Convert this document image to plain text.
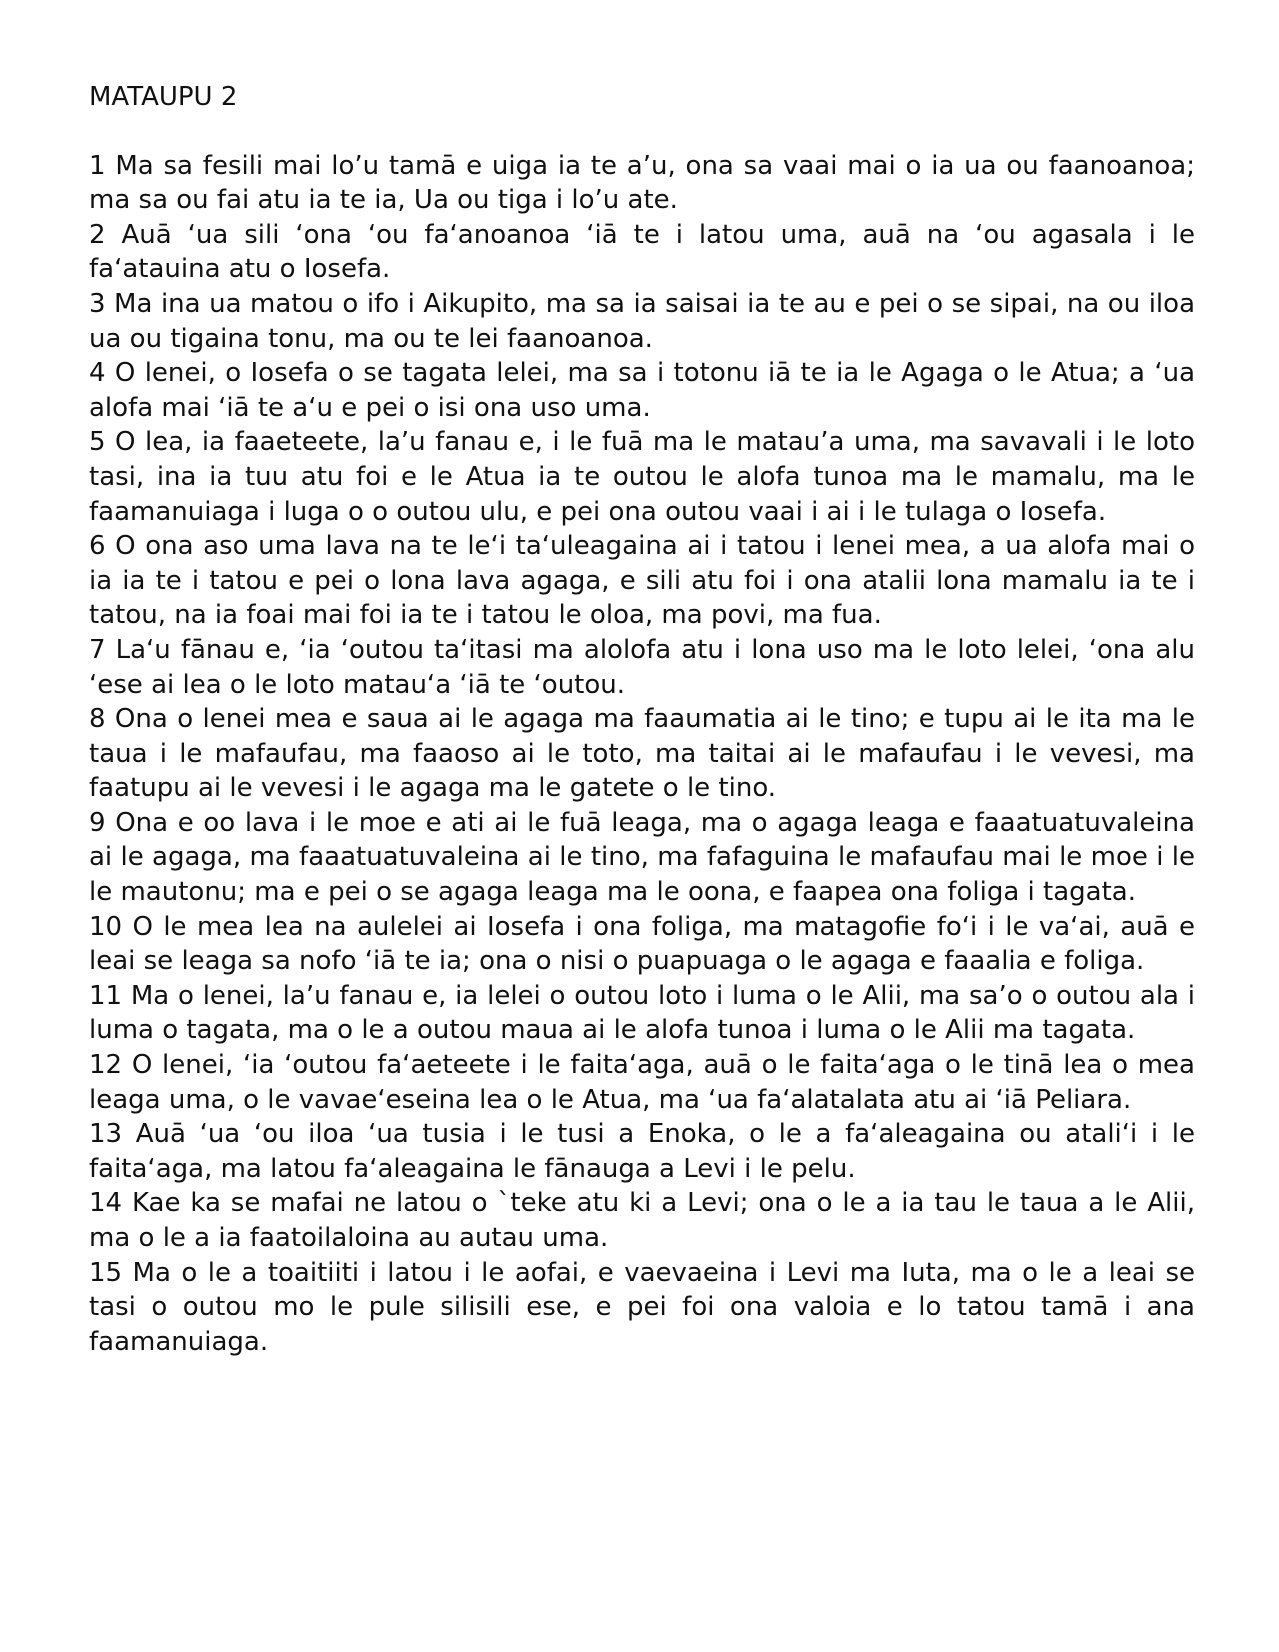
MATAUPU 2

1 Ma sa fesili mai lo’u tamā e uiga ia te a’u, ona sa vaai mai o ia ua ou faanoanoa; ma sa ou fai atu ia te ia, Ua ou tiga i lo’u ate.

2 Auā ‘ua sili ‘ona ‘ou fa‘anoanoa ‘iā te i latou uma, auā na ‘ou agasala i le fa‘atauina atu o Iosefa.

3 Ma ina ua matou o ifo i Aikupito, ma sa ia saisai ia te au e pei o se sipai, na ou iloa ua ou tigaina tonu, ma ou te lei faanoanoa.

4 O lenei, o Iosefa o se tagata lelei, ma sa i totonu iā te ia le Agaga o le Atua; a ‘ua alofa mai ‘iā te a‘u e pei o isi ona uso uma.

5 O lea, ia faaeteete, la’u fanau e, i le fuā ma le matau’a uma, ma savavali i le loto tasi, ina ia tuu atu foi e le Atua ia te outou le alofa tunoa ma le mamalu, ma le faamanuiaga i luga o o outou ulu, e pei ona outou vaai i ai i le tulaga o Iosefa.

6 O ona aso uma lava na te le‘i ta‘uleagaina ai i tatou i lenei mea, a ua alofa mai o ia ia te i tatou e pei o lona lava agaga, e sili atu foi i ona atalii lona mamalu ia te i tatou, na ia foai mai foi ia te i tatou le oloa, ma povi, ma fua.

7 La‘u fānau e, ‘ia ‘outou ta‘itasi ma alolofa atu i lona uso ma le loto lelei, ‘ona alu ‘ese ai lea o le loto matau‘a ‘iā te ‘outou.

8 Ona o lenei mea e saua ai le agaga ma faaumatia ai le tino; e tupu ai le ita ma le taua i le mafaufau, ma faaoso ai le toto, ma taitai ai le mafaufau i le vevesi, ma faatupu ai le vevesi i le agaga ma le gatete o le tino.

9 Ona e oo lava i le moe e ati ai le fuā leaga, ma o agaga leaga e faaatuatuvaleina ai le agaga, ma faaatuatuvaleina ai le tino, ma fafaguina le mafaufau mai le moe i le le mautonu; ma e pei o se agaga leaga ma le oona, e faapea ona foliga i tagata.

10 O le mea lea na aulelei ai Iosefa i ona foliga, ma matagofie fo‘i i le va‘ai, auā e leai se leaga sa nofo ‘iā te ia; ona o nisi o puapuaga o le agaga e faaalia e foliga.

11 Ma o lenei, la’u fanau e, ia lelei o outou loto i luma o le Alii, ma sa’o o outou ala i luma o tagata, ma o le a outou maua ai le alofa tunoa i luma o le Alii ma tagata.

12 O lenei, ‘ia ‘outou fa‘aeteete i le faita‘aga, auā o le faita‘aga o le tinā lea o mea leaga uma, o le vavae‘eseina lea o le Atua, ma ‘ua fa‘alatalata atu ai ‘iā Peliara.

13 Auā ‘ua ‘ou iloa ‘ua tusia i le tusi a Enoka, o le a fa‘aleagaina ou atali‘i i le faita‘aga, ma latou fa‘aleagaina le fānauga a Levi i le pelu.

14 Kae ka se mafai ne latou o `teke atu ki a Levi; ona o le a ia tau le taua a le Alii, ma o le a ia faatoilaloina au autau uma.

15 Ma o le a toaitiiti i latou i le aofai, e vaevaeina i Levi ma Iuta, ma o le a leai se tasi o outou mo le pule silisili ese, e pei foi ona valoia e lo tatou tamā i ana faamanuiaga.
